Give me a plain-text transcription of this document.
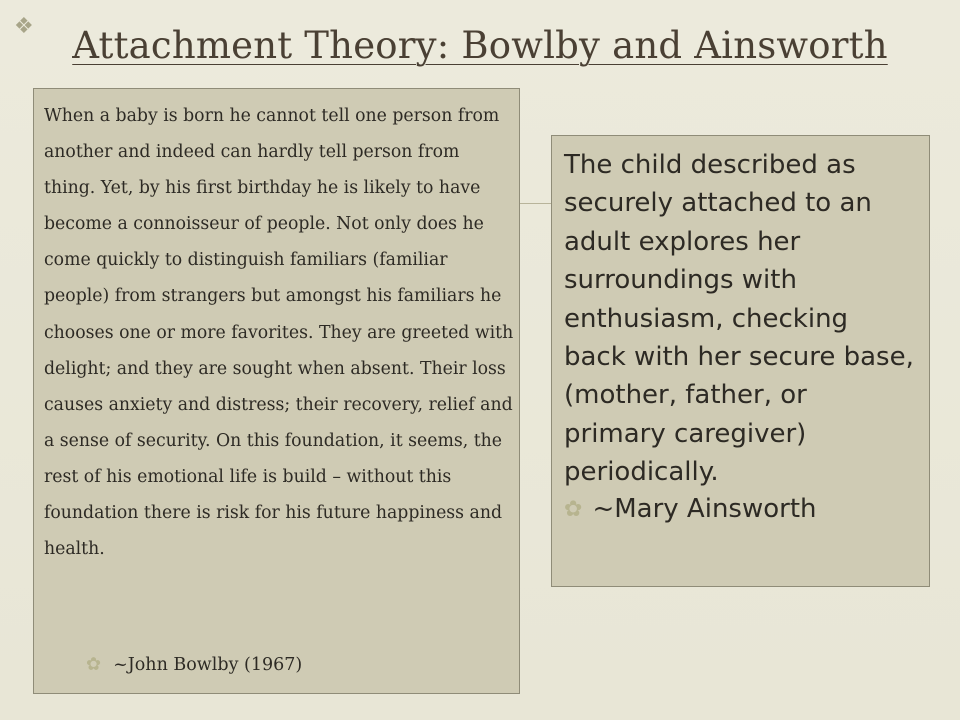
❖	Attachment Theory: Bowlby and Ainsworth

When a baby is born he cannot tell one person from another and indeed can hardly tell person from thing. Yet, by his first birthday he is likely to have become a connoisseur of people. Not only does he come quickly to distinguish familiars (familiar people) from strangers but amongst his familiars he chooses one or more favorites. They are greeted with delight; and they are sought when absent. Their loss causes anxiety and distress; their recovery, relief and a sense of security. On this foundation, it seems, the rest of his emotional life is build – without this foundation there is risk for his future happiness and health.

✿ ~John Bowlby (1967)

The child described as securely attached to an adult explores her surroundings with enthusiasm, checking back with her secure base, (mother, father, or primary caregiver) periodically.

✿ ~Mary Ainsworth
